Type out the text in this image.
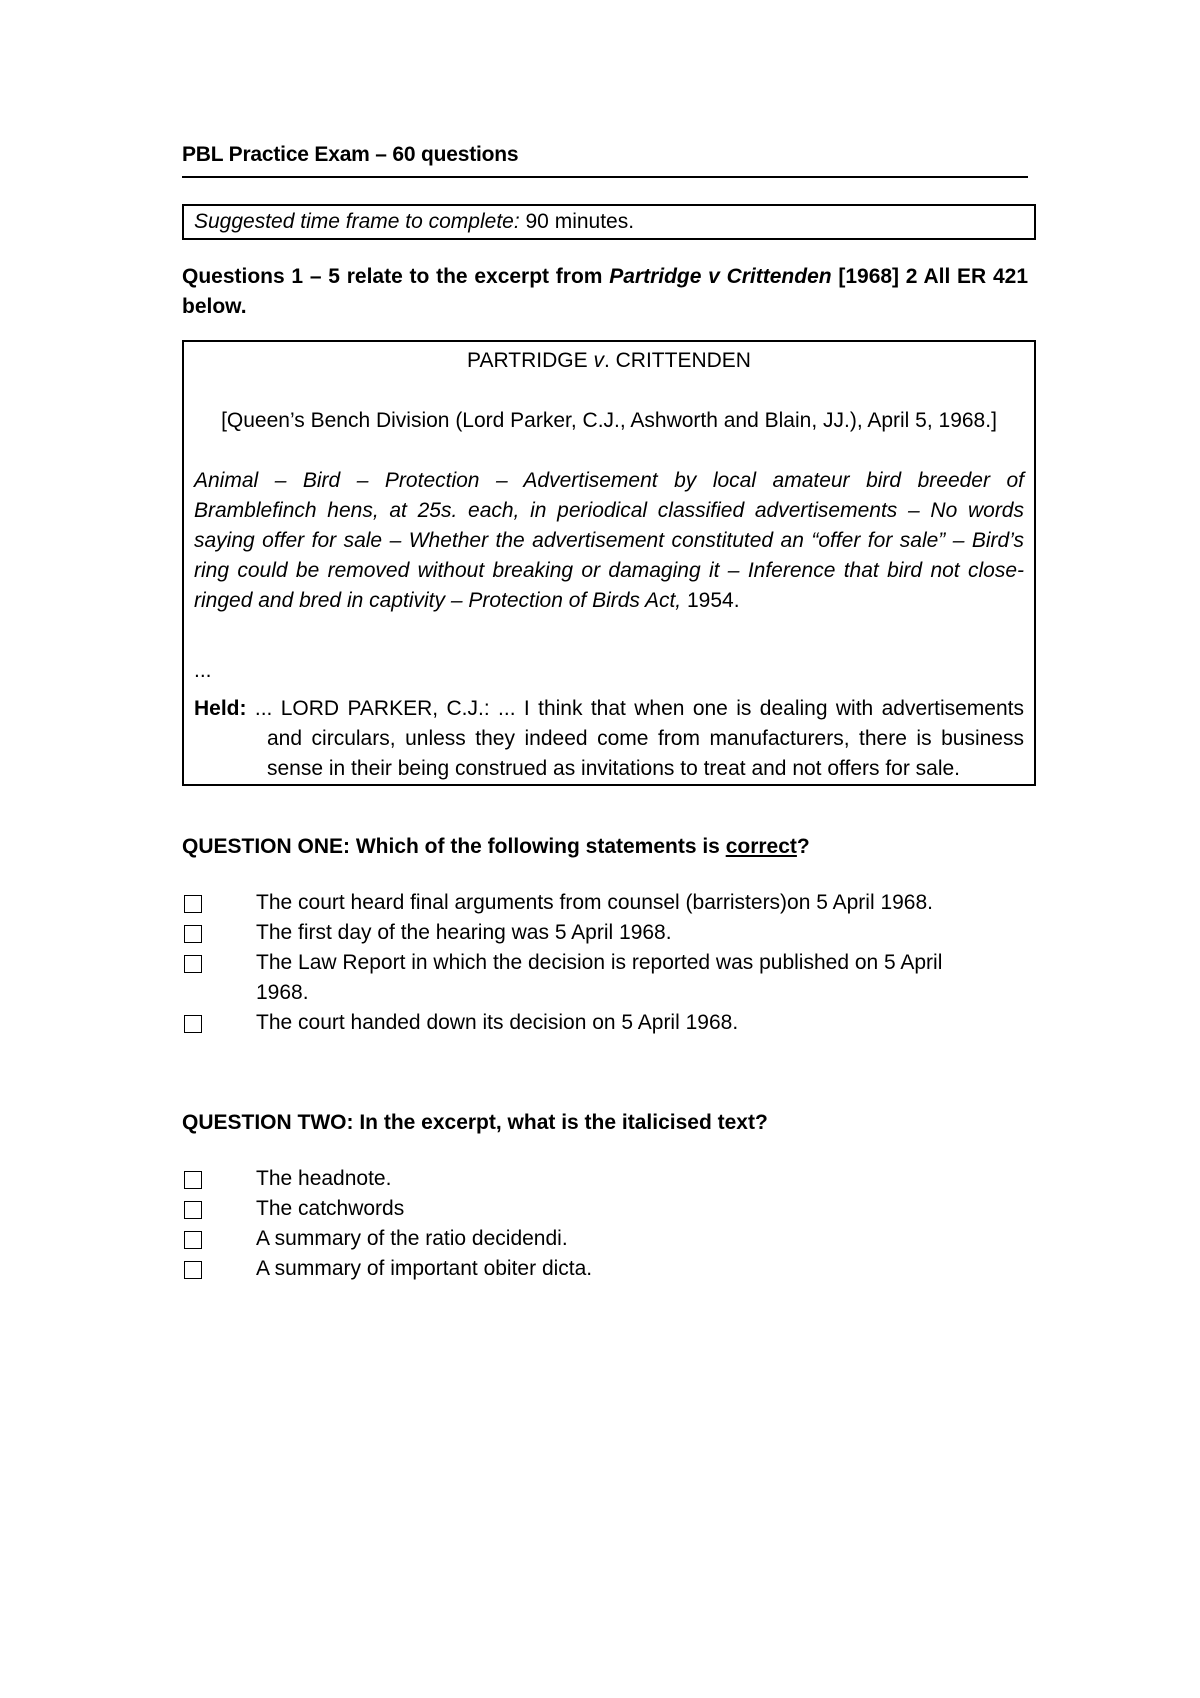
PBL Practice Exam – 60 questions
Suggested time frame to complete: 90 minutes.
Questions 1 – 5 relate to the excerpt from Partridge v Crittenden [1968] 2 All ER 421 below.
PARTRIDGE v. CRITTENDEN
[Queen’s Bench Division (Lord Parker, C.J., Ashworth and Blain, JJ.), April 5, 1968.]
Animal – Bird – Protection – Advertisement by local amateur bird breeder of Bramblefinch hens, at 25s. each, in periodical classified advertisements – No words saying offer for sale – Whether the advertisement constituted an “offer for sale” – Bird’s ring could be removed without breaking or damaging it – Inference that bird not close-ringed and bred in captivity – Protection of Birds Act, 1954.
...
Held: ... LORD PARKER, C.J.: ... I think that when one is dealing with advertisements and circulars, unless they indeed come from manufacturers, there is business sense in their being construed as invitations to treat and not offers for sale.
QUESTION ONE: Which of the following statements is correct?
The court heard final arguments from counsel (barristers)on 5 April 1968.
The first day of the hearing was 5 April 1968.
The Law Report in which the decision is reported was published on 5 April 1968.
The court handed down its decision on 5 April 1968.
QUESTION TWO: In the excerpt, what is the italicised text?
The headnote.
The catchwords
A summary of the ratio decidendi.
A summary of important obiter dicta.
